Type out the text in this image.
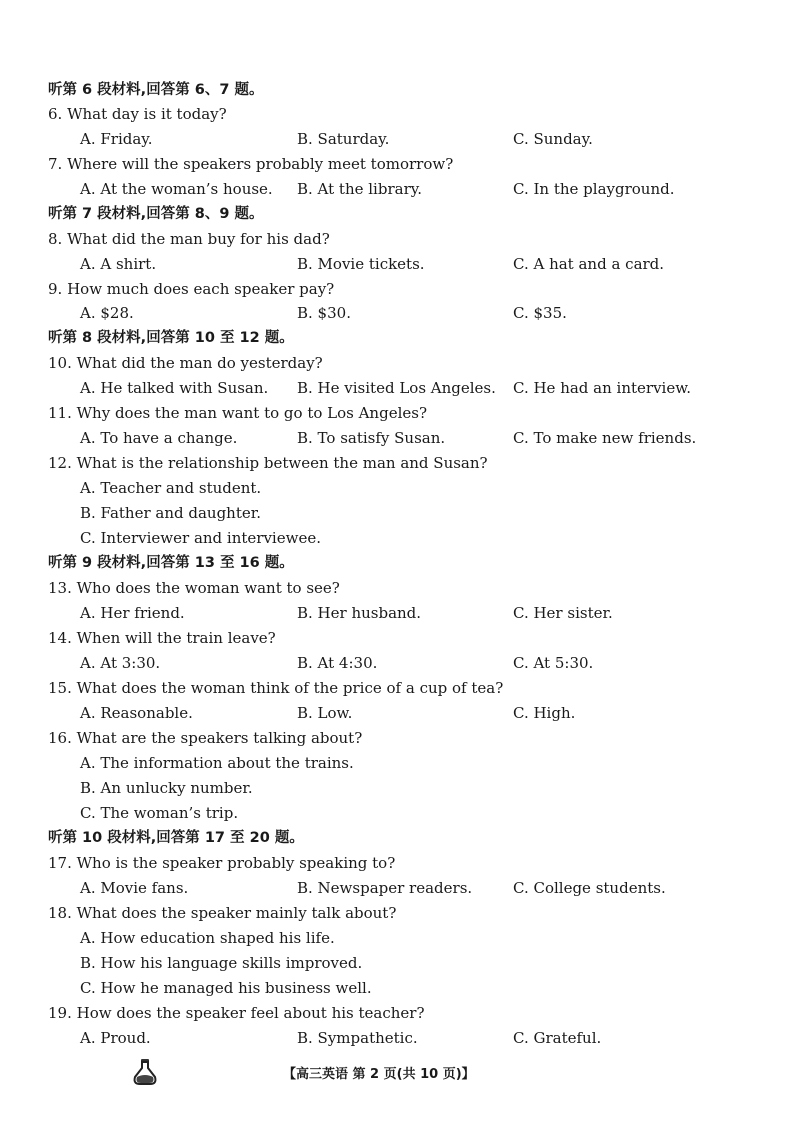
听第 6 段材料,回答第 6、7 题。
6. What day is it today?
A. Friday.	B. Saturday.	C. Sunday.
7. Where will the speakers probably meet tomorrow?
A. At the woman’s house. B. At the library.	C. In the playground.
听第 7 段材料,回答第 8、9 题。
8. What did the man buy for his dad?
A. A shirt.	B. Movie tickets.	C. A hat and a card.
9. How much does each speaker pay?
A. $28.	B. $30.	C. $35.
听第 8 段材料,回答第 10 至 12 题。
10. What did the man do yesterday?
A. He talked with Susan. B. He visited Los Angeles. C. He had an interview.
11. Why does the man want to go to Los Angeles?
A. To have a change.	B. To satisfy Susan.	C. To make new friends.
12. What is the relationship between the man and Susan?
A. Teacher and student.
B. Father and daughter.
C. Interviewer and interviewee.
听第 9 段材料,回答第 13 至 16 题。
13. Who does the woman want to see?
A. Her friend.	B. Her husband.	C. Her sister.
14. When will the train leave?
A. At 3:30.	B. At 4:30.	C. At 5:30.
15. What does the woman think of the price of a cup of tea?
A. Reasonable.	B. Low.	C. High.
16. What are the speakers talking about?
A. The information about the trains.
B. An unlucky number.
C. The woman’s trip.
听第 10 段材料,回答第 17 至 20 题。
17. Who is the speaker probably speaking to?
A. Movie fans.	B. Newspaper readers.	C. College students.
18. What does the speaker mainly talk about?
A. How education shaped his life.
B. How his language skills improved.
C. How he managed his business well.
19. How does the speaker feel about his teacher?
A. Proud.	B. Sympathetic.	C. Grateful.
【高三英语 第 2 页(共 10 页)】
